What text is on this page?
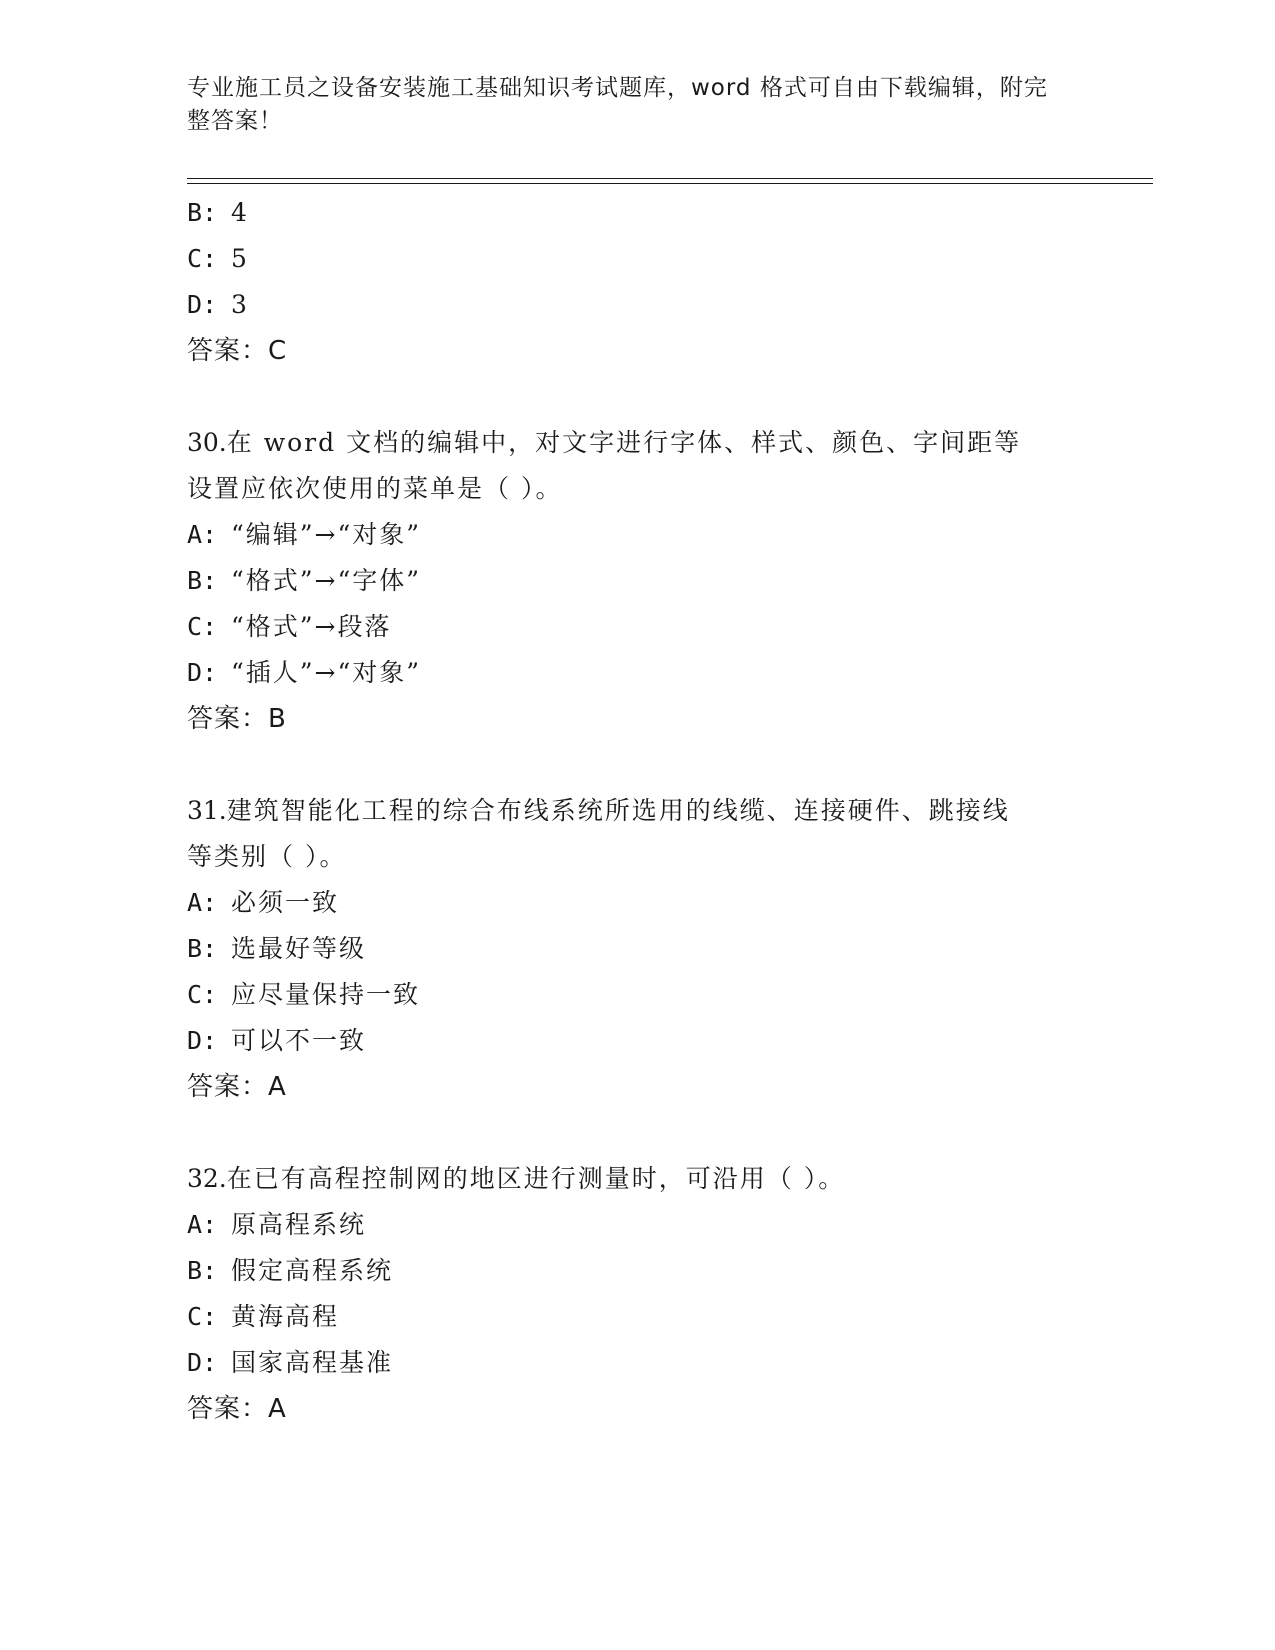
专业施工员之设备安装施工基础知识考试题库，word 格式可自由下载编辑，附完
整答案！
B: 4
C: 5
D: 3
答案：C
30.在 word 文档的编辑中，对文字进行字体、样式、颜色、字间距等
设置应依次使用的菜单是（ ）。
A: “编辑”→“对象”
B: “格式”→“字体”
C: “格式”→段落
D: “插人”→“对象”
答案：B
31.建筑智能化工程的综合布线系统所选用的线缆、连接硬件、跳接线
等类别（ ）。
A: 必须一致
B: 选最好等级
C: 应尽量保持一致
D: 可以不一致
答案：A
32.在已有高程控制网的地区进行测量时，可沿用（ ）。
A: 原高程系统
B: 假定高程系统
C: 黄海高程
D: 国家高程基准
答案：A
